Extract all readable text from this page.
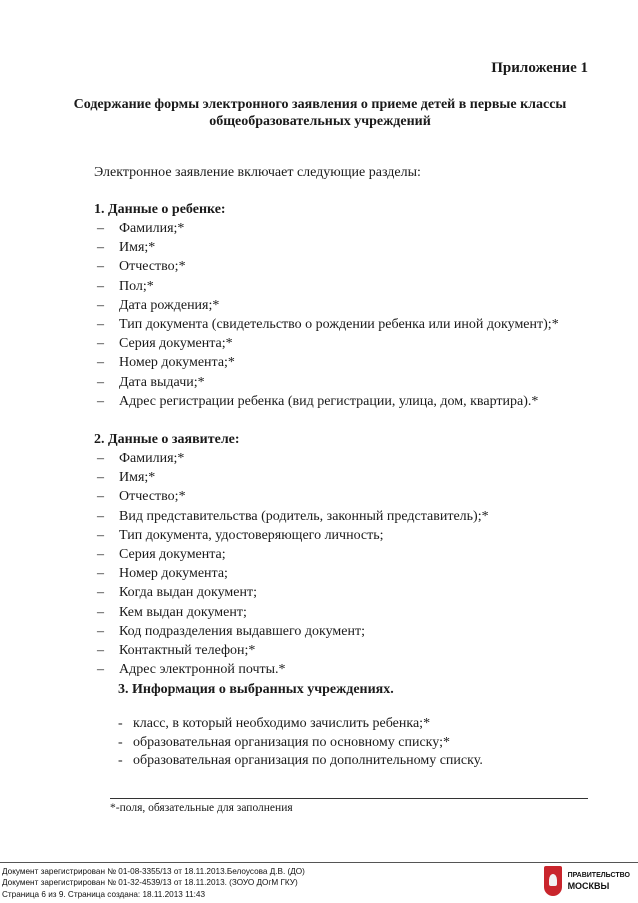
Приложение 1
Содержание формы электронного заявления о приеме детей в первые классы общеобразовательных учреждений
Электронное заявление включает следующие разделы:
1. Данные о ребенке:
– Фамилия;*
– Имя;*
– Отчество;*
– Пол;*
– Дата рождения;*
– Тип документа (свидетельство о рождении ребенка или иной документ);*
– Серия документа;*
– Номер документа;*
– Дата выдачи;*
– Адрес регистрации ребенка (вид регистрации, улица, дом, квартира).*
2. Данные о заявителе:
– Фамилия;*
– Имя;*
– Отчество;*
– Вид представительства (родитель, законный представитель);*
– Тип документа, удостоверяющего личность;
– Серия документа;
– Номер документа;
– Когда выдан документ;
– Кем выдан документ;
– Код подразделения выдавшего документ;
– Контактный телефон;*
– Адрес электронной почты.*
3. Информация о выбранных учреждениях.
- класс, в который необходимо зачислить ребенка;*
- образовательная организация по основному списку;*
- образовательная организация по дополнительному списку.
*-поля, обязательные для заполнения
Документ зарегистрирован № 01-08-3355/13 от 18.11.2013.Белоусова Д.В. (ДО)
Документ зарегистрирован № 01-32-4539/13 от 18.11.2013. (ЗОУО ДОгМ ГКУ)
Страница 6 из 9. Страница создана: 18.11.2013 11:43
ПРАВИТЕЛЬСТВО
МОСКВЫ
